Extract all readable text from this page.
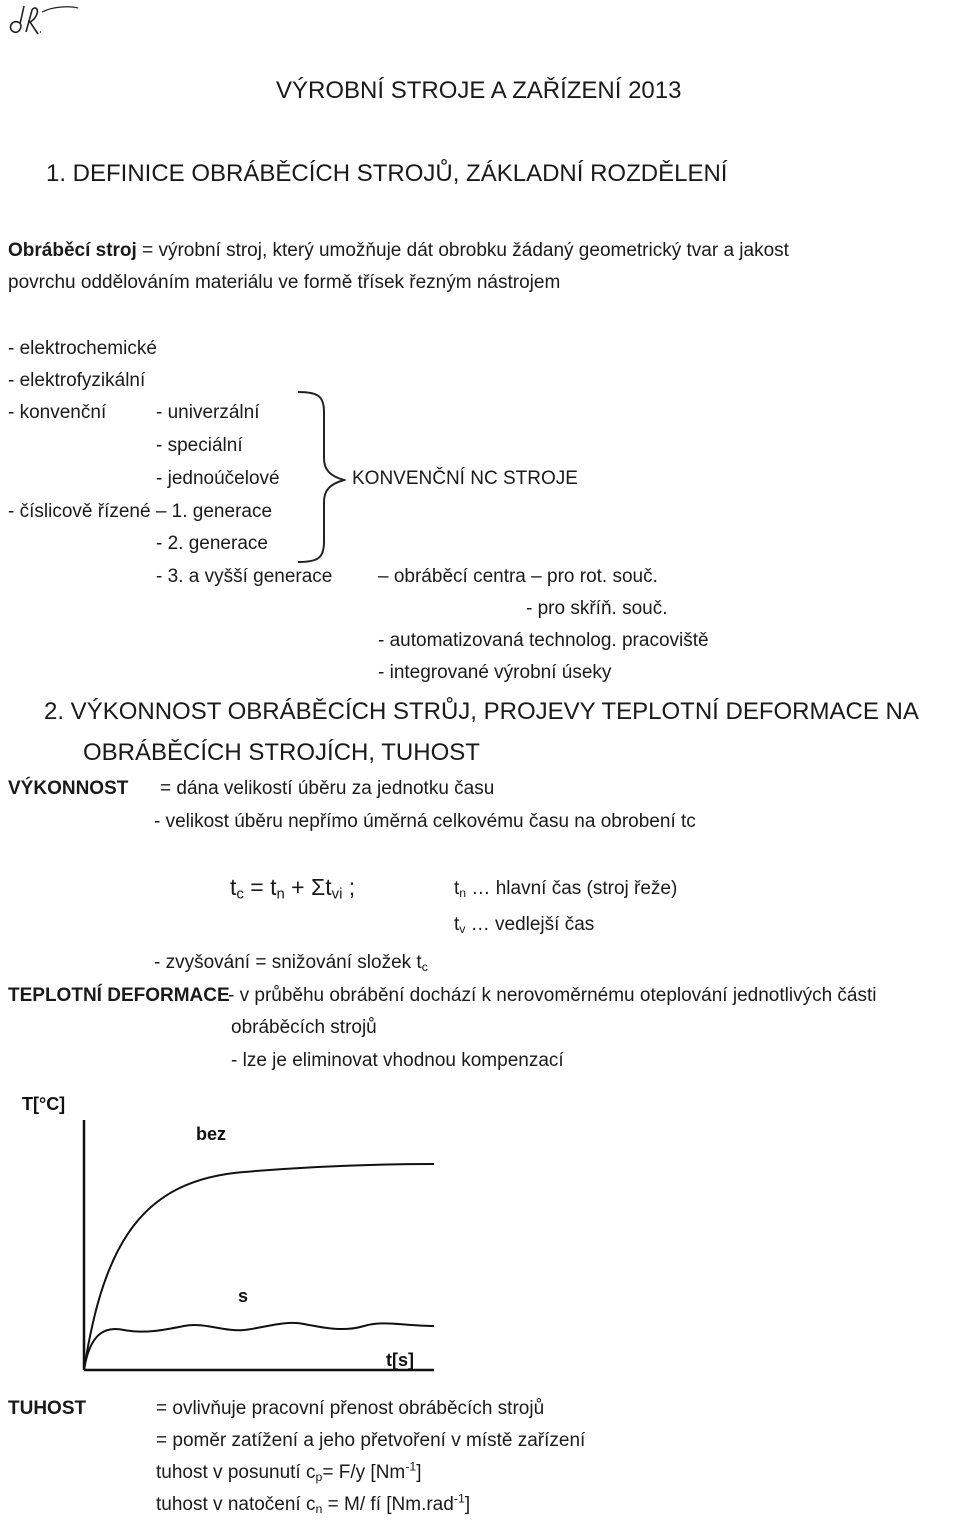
VÝROBNÍ STROJE A ZAŘÍZENÍ 2013
1. DEFINICE OBRÁBĚCÍCH STROJŮ, ZÁKLADNÍ ROZDĚLENÍ
Obráběcí stroj = výrobní stroj, který umožňuje dát obrobku žádaný geometrický tvar a jakost
povrchu oddělováním materiálu ve formě třísek řezným nástrojem
- elektrochemické
- elektrofyzikální
- konvenční	- univerzální
- speciální
- jednoúčelové	KONVENČNÍ NC STROJE
- číslicově řízené – 1. generace
- 2. generace
- 3. a vyšší generace – obráběcí centra – pro rot. souč.
- pro skříň. souč.
- automatizovaná technolog. pracoviště
- integrované výrobní úseky
2. VÝKONNOST OBRÁBĚCÍCH STRŮJ, PROJEVY TEPLOTNÍ DEFORMACE NA
OBRÁBĚCÍCH STROJÍCH, TUHOST
VÝKONNOST = dána velikostí úběru za jednotku času
- velikost úběru nepřímo úměrná celkovému času na obrobení tc
$t_c = t_n + \Sigma t_{vi}$ ;	$t_n$ … hlavní čas (stroj řeže)
$t_v$ … vedlejší čas
- zvyšování = snižování složek $t_c$
TEPLOTNÍ DEFORMACE
- v průběhu obrábění dochází k nerovoměrnému oteplování jednotlivých části
obráběcích strojů
- lze je eliminovat vhodnou kompenzací
T[°C]
t[s]
bez
s
TUHOST	= ovlivňuje pracovní přenost obráběcích strojů
= poměr zatížení a jeho přetvoření v místě zařízení
tuhost v posunutí $c_p= F/y$ $[Nm^{-1}]$
tuhost v natočení $c_n = M/$ fí [Nm.rad$^{-1}$]
